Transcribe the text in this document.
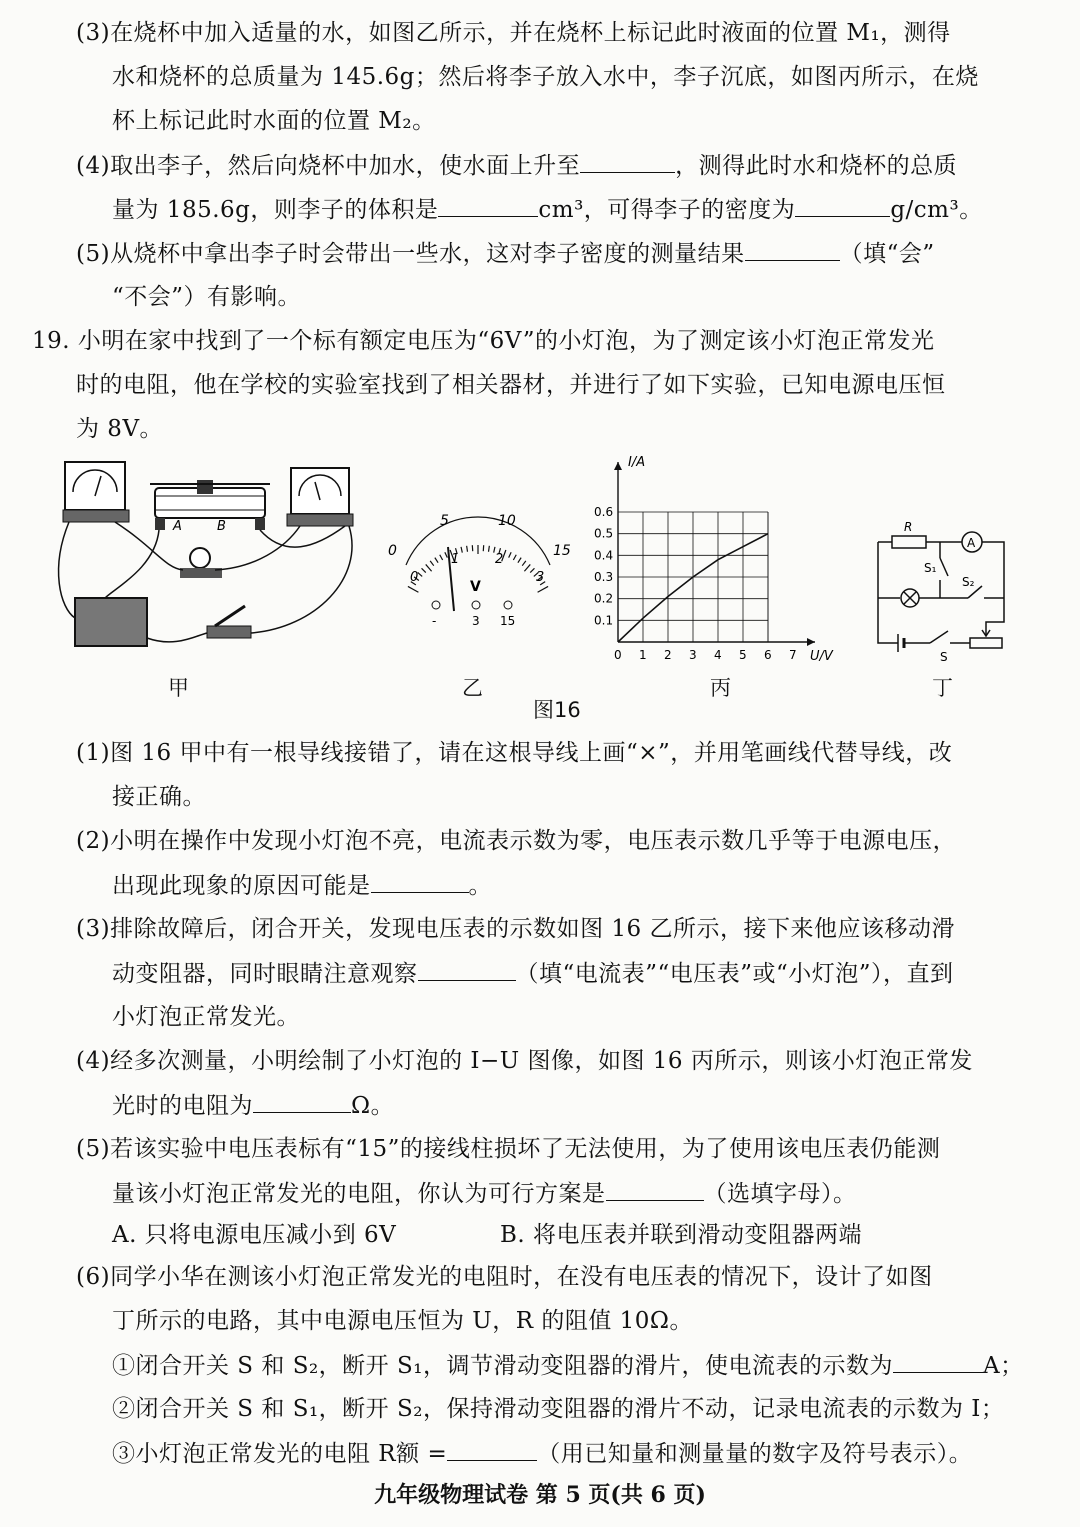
(3)在烧杯中加入适量的水，如图乙所示，并在烧杯上标记此时液面的位置 M₁，测得
水和烧杯的总质量为 145.6g；然后将李子放入水中，李子沉底，如图丙所示，在烧
杯上标记此时水面的位置 M₂。
(4)取出李子，然后向烧杯中加水，使水面上升至	，测得此时水和烧杯的总质
量为 185.6g，则李子的体积是	cm³，可得李子的密度为	g/cm³。
(5)从烧杯中拿出李子时会带出一些水，这对李子密度的测量结果	（填“会”
“不会”）有影响。
19. 小明在家中找到了一个标有额定电压为“6V”的小灯泡，为了测定该小灯泡正常发光
时的电阻，他在学校的实验室找到了相关器材，并进行了如下实验，已知电源电压恒
为 8V。
A	B
0
5	10
15
0
1	2
3
V
-	3 15
0 1 2 3 4 5 6 7
0.1
0.2
0.3
0.4
0.5
0.6
I/A
U/V
R
A
S₁
S₂
S
甲	乙	丙	丁
图16
(1)图 16 甲中有一根导线接错了，请在这根导线上画“×”，并用笔画线代替导线，改
接正确。
(2)小明在操作中发现小灯泡不亮，电流表示数为零，电压表示数几乎等于电源电压，
出现此现象的原因可能是	。
(3)排除故障后，闭合开关，发现电压表的示数如图 16 乙所示，接下来他应该移动滑
动变阻器，同时眼睛注意观察	（填“电流表”“电压表”或“小灯泡”），直到
小灯泡正常发光。
(4)经多次测量，小明绘制了小灯泡的 I−U 图像，如图 16 丙所示，则该小灯泡正常发
光时的电阻为	Ω。
(5)若该实验中电压表标有“15”的接线柱损坏了无法使用，为了使用该电压表仍能测
量该小灯泡正常发光的电阻，你认为可行方案是	（选填字母）。
A. 只将电源电压减小到 6V	B. 将电压表并联到滑动变阻器两端
(6)同学小华在测该小灯泡正常发光的电阻时，在没有电压表的情况下，设计了如图
丁所示的电路，其中电源电压恒为 U，R 的阻值 10Ω。
①闭合开关 S 和 S₂，断开 S₁，调节滑动变阻器的滑片，使电流表的示数为	A；
②闭合开关 S 和 S₁，断开 S₂，保持滑动变阻器的滑片不动，记录电流表的示数为 I；
③小灯泡正常发光的电阻 R额 =	（用已知量和测量量的数字及符号表示）。
九年级物理试卷 第 5 页(共 6 页)
